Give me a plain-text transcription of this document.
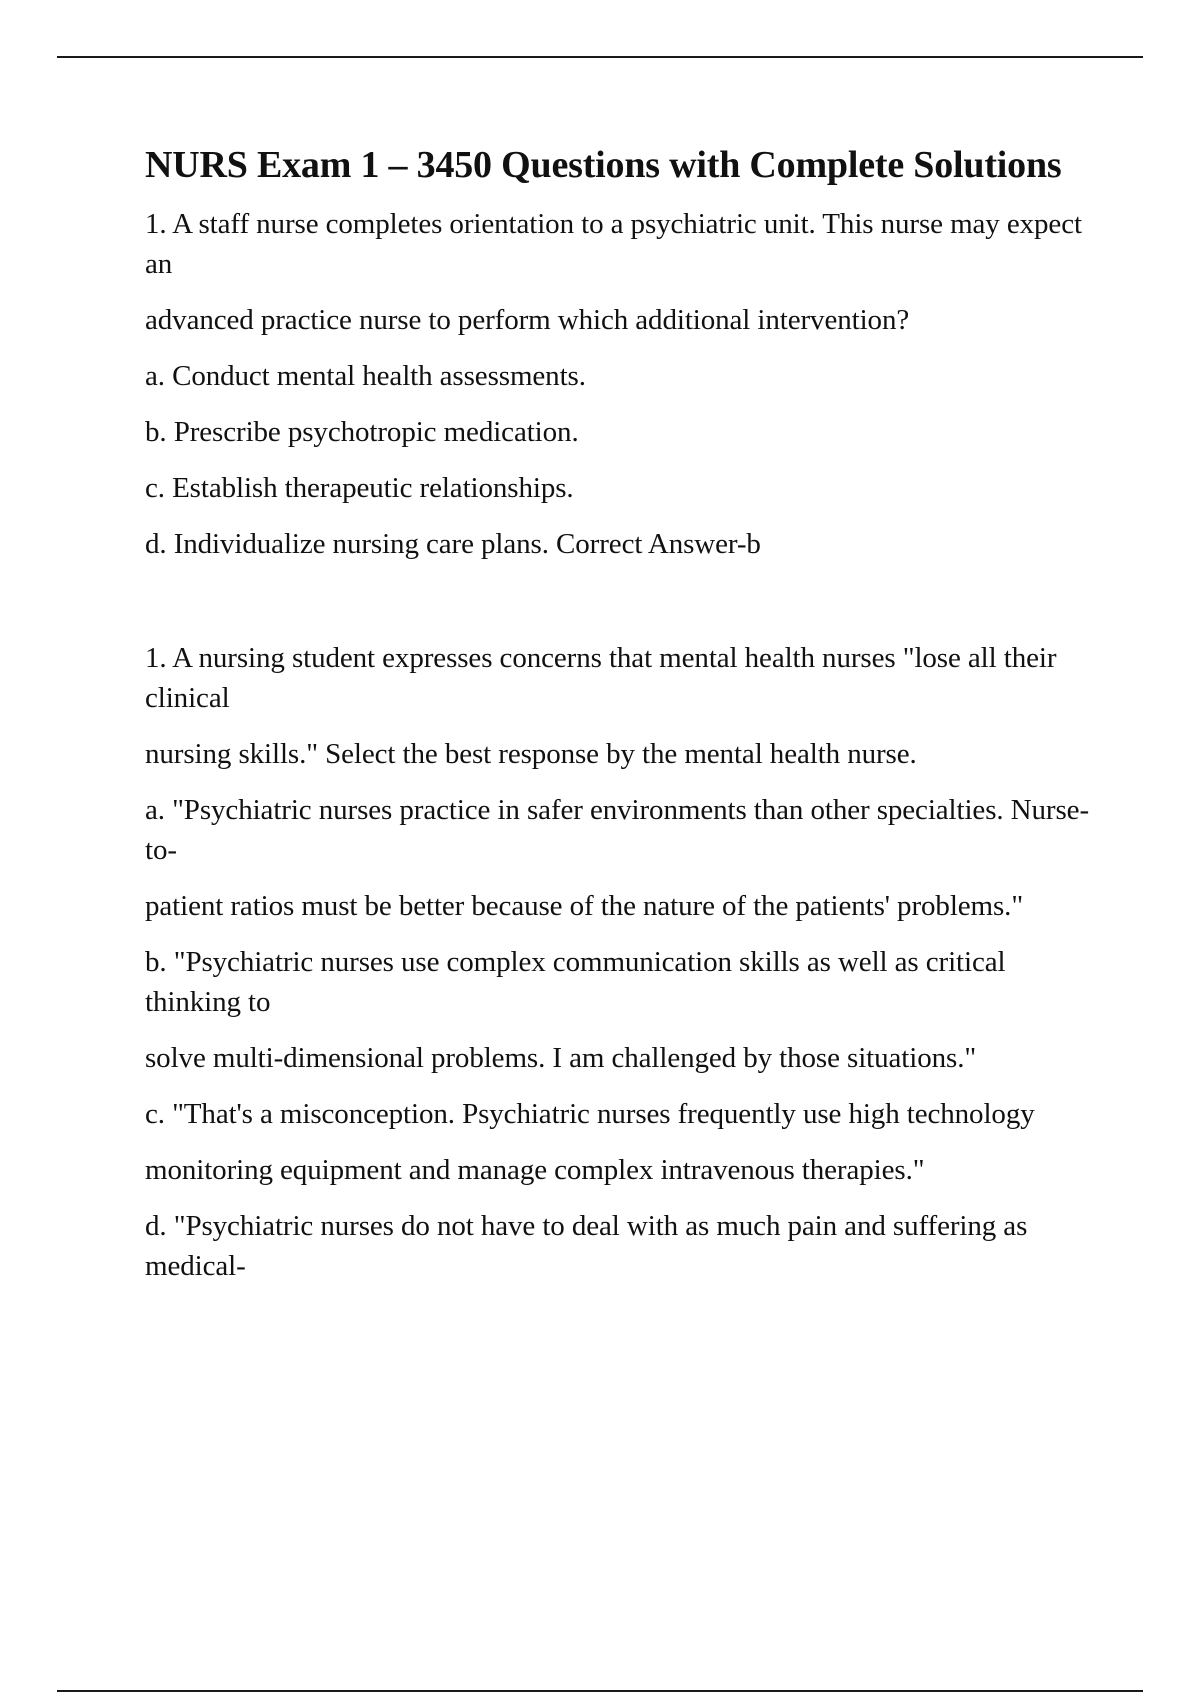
NURS Exam 1 – 3450 Questions with Complete Solutions

1. A staff nurse completes orientation to a psychiatric unit. This nurse may expect an

advanced practice nurse to perform which additional intervention?

a. Conduct mental health assessments.

b. Prescribe psychotropic medication.

c. Establish therapeutic relationships.

d. Individualize nursing care plans. Correct Answer-b

1. A nursing student expresses concerns that mental health nurses "lose all their clinical

nursing skills." Select the best response by the mental health nurse.

a. "Psychiatric nurses practice in safer environments than other specialties. Nurse-to-

patient ratios must be better because of the nature of the patients' problems."

b. "Psychiatric nurses use complex communication skills as well as critical thinking to

solve multi-dimensional problems. I am challenged by those situations."

c. "That's a misconception. Psychiatric nurses frequently use high technology

monitoring equipment and manage complex intravenous therapies."

d. "Psychiatric nurses do not have to deal with as much pain and suffering as medical-
